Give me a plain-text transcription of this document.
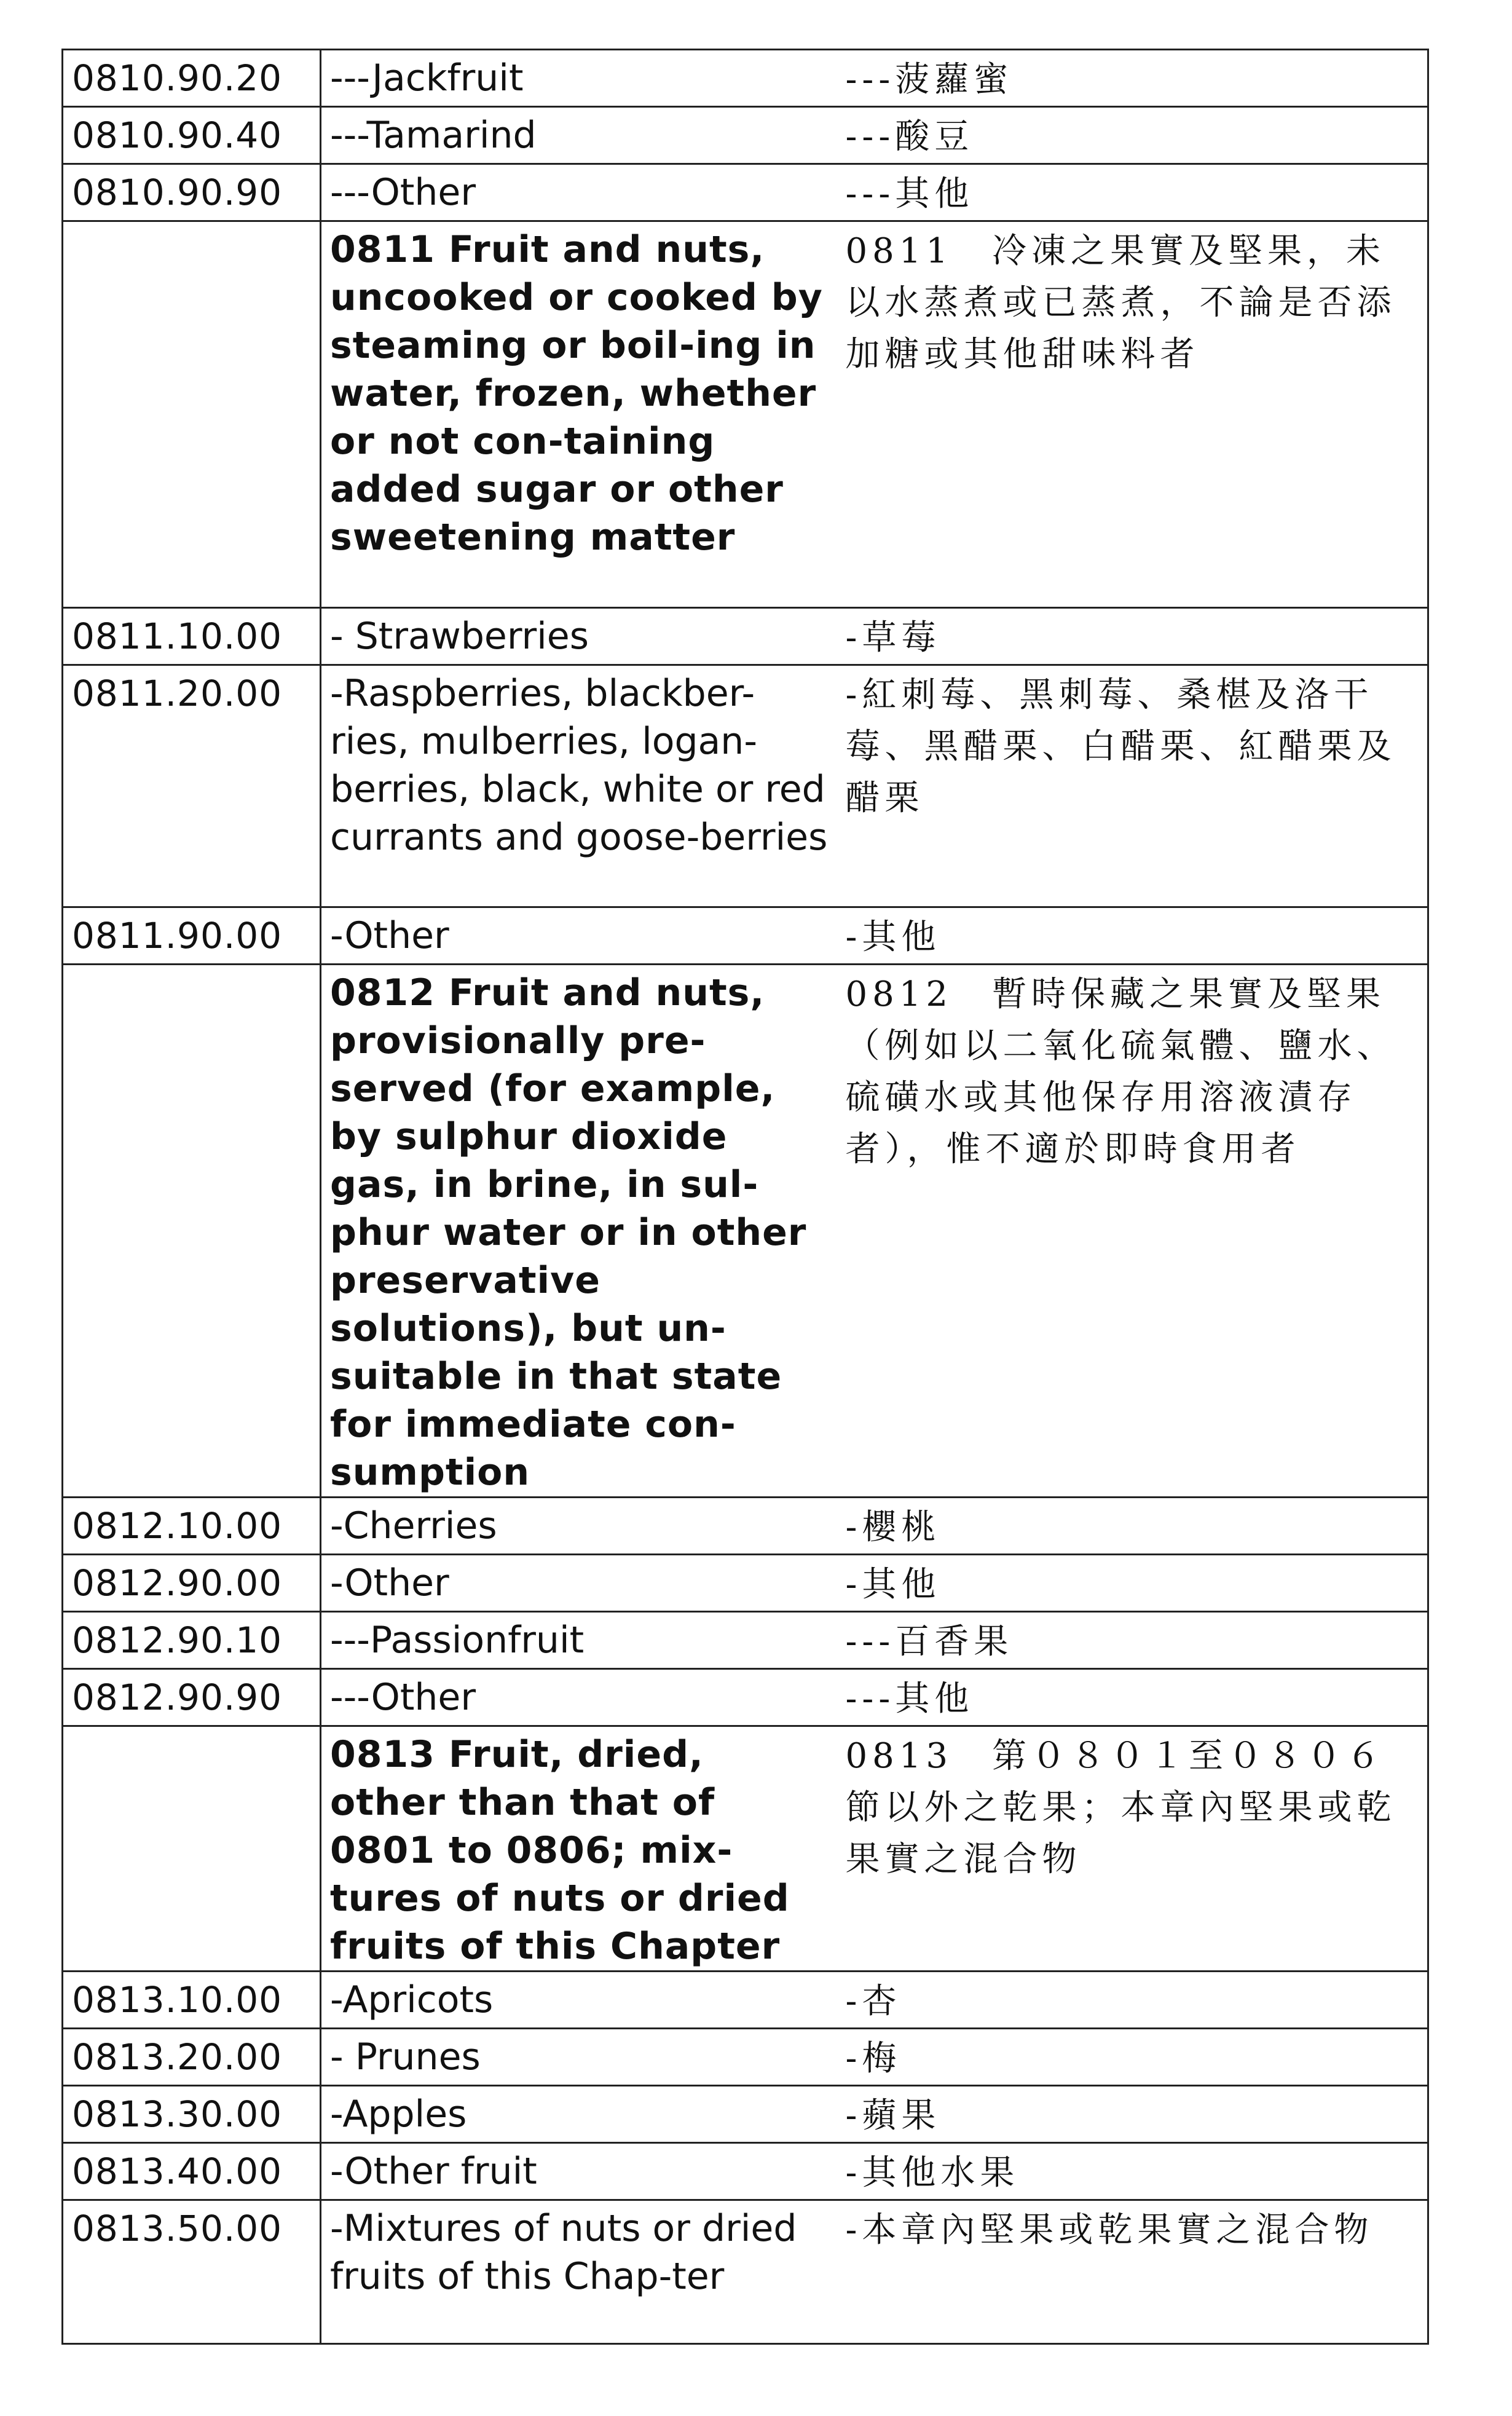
0810.90.20	---Jackfruit	---菠蘿蜜
0810.90.40	---Tamarind	---酸豆
0810.90.90	---Other	---其他
	0811 Fruit and nuts, uncooked or cooked by steaming or boil-ing in water, frozen, whether or not con-taining added sugar or other sweetening matter	0811　冷凍之果實及堅果，未以水蒸煮或已蒸煮，不論是否添加糖或其他甜味料者
0811.10.00	- Strawberries	-草莓
0811.20.00	-Raspberries, blackber-ries, mulberries, logan-berries, black, white or red currants and goose-berries	-紅刺莓、黑刺莓、桑椹及洛干莓、黑醋栗、白醋栗、紅醋栗及醋栗
0811.90.00	-Other	-其他
	0812 Fruit and nuts, provisionally pre-served (for example, by sulphur dioxide gas, in brine, in sul-phur water or in other preservative solutions), but un-suitable in that state for immediate con-sumption	0812　暫時保藏之果實及堅果（例如以二氧化硫氣體、鹽水、硫磺水或其他保存用溶液漬存者），惟不適於即時食用者
0812.10.00	-Cherries	-櫻桃
0812.90.00	-Other	-其他
0812.90.10	---Passionfruit	---百香果
0812.90.90	---Other	---其他
	0813 Fruit, dried, other than that of 0801 to 0806; mix-tures of nuts or dried fruits of this Chapter	0813　第０８０１至０８０６節以外之乾果；本章內堅果或乾果實之混合物
0813.10.00	-Apricots	-杏
0813.20.00	- Prunes	-梅
0813.30.00	-Apples	-蘋果
0813.40.00	-Other fruit	-其他水果
0813.50.00	-Mixtures of nuts or dried fruits of this Chap-ter	-本章內堅果或乾果實之混合物
